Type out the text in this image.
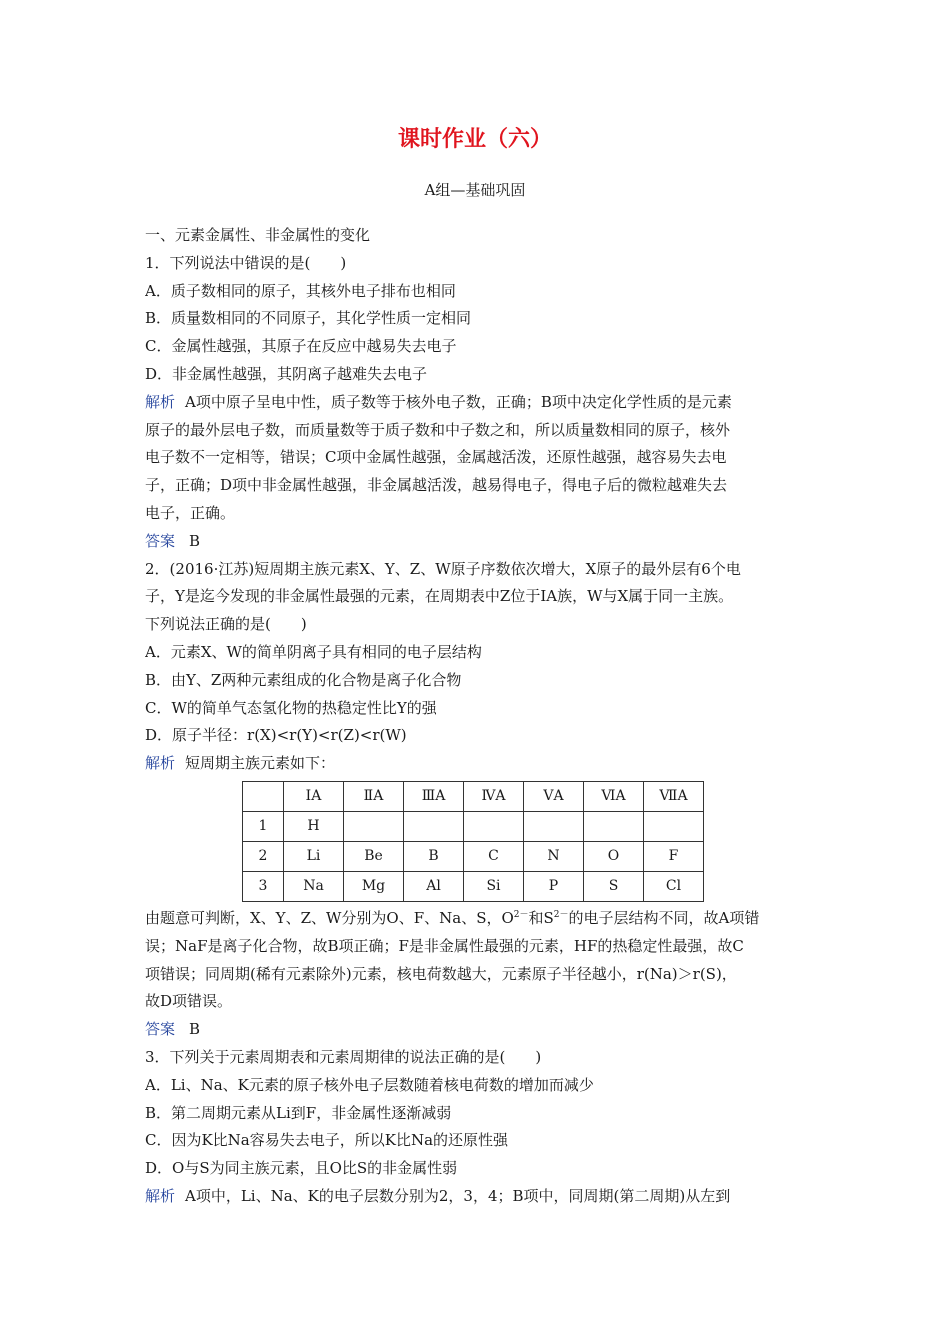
课时作业（六）
A组—基础巩固
一、元素金属性、非金属性的变化
1．下列说法中错误的是(　　)
A．质子数相同的原子，其核外电子排布也相同
B．质量数相同的不同原子，其化学性质一定相同
C．金属性越强，其原子在反应中越易失去电子
D．非金属性越强，其阴离子越难失去电子
解析 A项中原子呈电中性，质子数等于核外电子数，正确；B项中决定化学性质的是元素
原子的最外层电子数，而质量数等于质子数和中子数之和，所以质量数相同的原子，核外
电子数不一定相等，错误；C项中金属性越强，金属越活泼，还原性越强，越容易失去电
子，正确；D项中非金属性越强，非金属越活泼，越易得电子，得电子后的微粒越难失去
电子，正确。
答案 B
2．(2016·江苏)短周期主族元素X、Y、Z、W原子序数依次增大，X原子的最外层有6个电
子，Y是迄今发现的非金属性最强的元素，在周期表中Z位于ⅠA族，W与X属于同一主族。
下列说法正确的是(　　)
A．元素X、W的简单阴离子具有相同的电子层结构
B．由Y、Z两种元素组成的化合物是离子化合物
C．W的简单气态氢化物的热稳定性比Y的强
D．原子半径：r(X)<r(Y)<r(Z)<r(W)
解析 短周期主族元素如下：
	ⅠA	ⅡA	ⅢA	ⅣA	ⅤA	ⅥA	ⅦA
1	H						
2	Li	Be	B	C	N	O	F
3	Na	Mg	Al	Si	P	S	Cl
由题意可判断，X、Y、Z、W分别为O、F、Na、S，$O^{2-}$和$S^{2-}$的电子层结构不同，故A项错
误；NaF是离子化合物，故B项正确；F是非金属性最强的元素，HF的热稳定性最强，故C
项错误；同周期(稀有元素除外)元素，核电荷数越大，元素原子半径越小，r(Na)＞r(S)，
故D项错误。
答案 B
3．下列关于元素周期表和元素周期律的说法正确的是(　　)
A．Li、Na、K元素的原子核外电子层数随着核电荷数的增加而减少
B．第二周期元素从Li到F，非金属性逐渐减弱
C．因为K比Na容易失去电子，所以K比Na的还原性强
D．O与S为同主族元素，且O比S的非金属性弱
解析 A项中，Li、Na、K的电子层数分别为2，3，4；B项中，同周期(第二周期)从左到
